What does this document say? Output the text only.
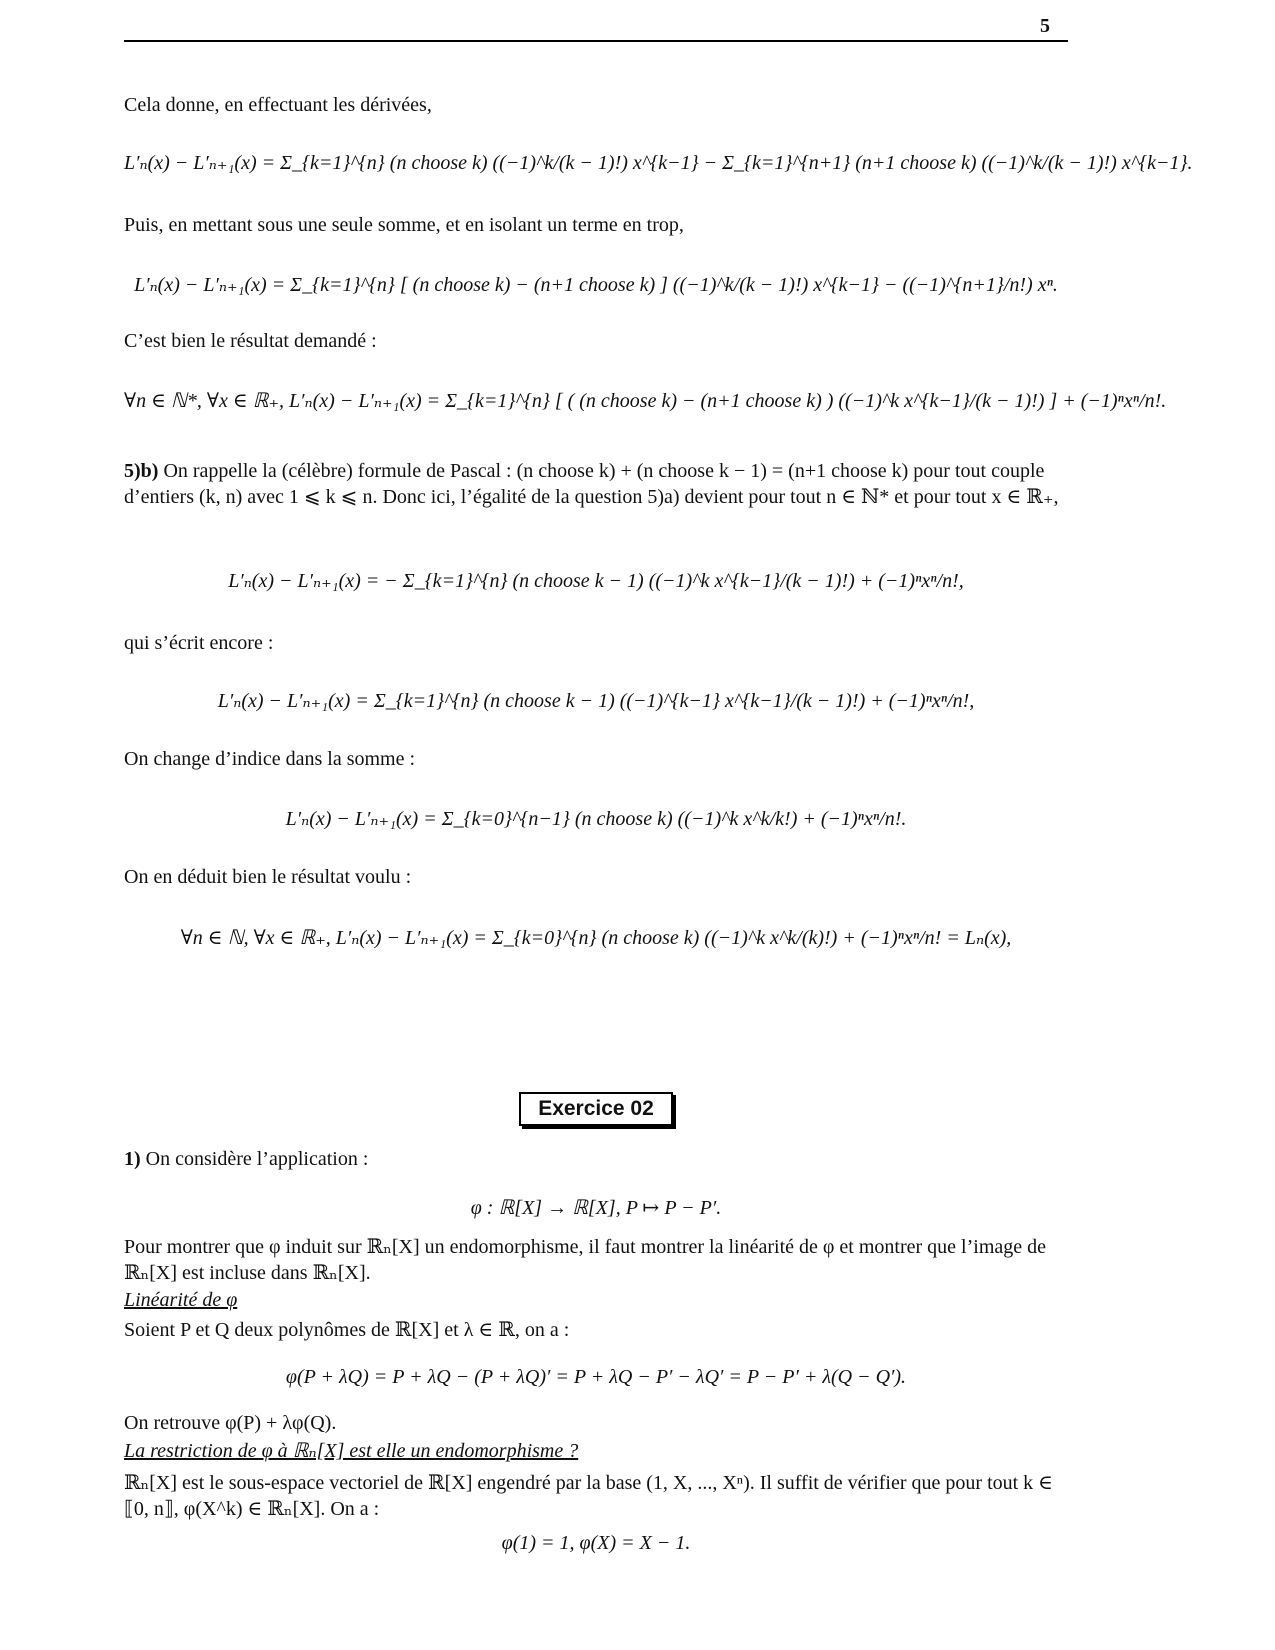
5
Cela donne, en effectuant les dérivées,
L′ₙ(x) − L′ₙ₊₁(x) = Σ_{k=1}^{n} (n choose k) ((−1)^k/(k − 1)!) x^{k−1} − Σ_{k=1}^{n+1} (n+1 choose k) ((−1)^k/(k − 1)!) x^{k−1}.
Puis, en mettant sous une seule somme, et en isolant un terme en trop,
L′ₙ(x) − L′ₙ₊₁(x) = Σ_{k=1}^{n} [ (n choose k) − (n+1 choose k) ] ((−1)^k/(k − 1)!) x^{k−1} − ((−1)^{n+1}/n!) xⁿ.
C’est bien le résultat demandé :
∀n ∈ ℕ*, ∀x ∈ ℝ₊, L′ₙ(x) − L′ₙ₊₁(x) = Σ_{k=1}^{n} [ ( (n choose k) − (n+1 choose k) ) ((−1)^k x^{k−1}/(k − 1)!) ] + (−1)ⁿxⁿ/n!.
5)b) On rappelle la (célèbre) formule de Pascal : (n choose k) + (n choose k − 1) = (n+1 choose k) pour tout couple d’entiers (k, n) avec 1 ⩽ k ⩽ n. Donc ici, l’égalité de la question 5)a) devient pour tout n ∈ ℕ* et pour tout x ∈ ℝ₊,
L′ₙ(x) − L′ₙ₊₁(x) = − Σ_{k=1}^{n} (n choose k − 1) ((−1)^k x^{k−1}/(k − 1)!) + (−1)ⁿxⁿ/n!,
qui s’écrit encore :
L′ₙ(x) − L′ₙ₊₁(x) = Σ_{k=1}^{n} (n choose k − 1) ((−1)^{k−1} x^{k−1}/(k − 1)!) + (−1)ⁿxⁿ/n!,
On change d’indice dans la somme :
L′ₙ(x) − L′ₙ₊₁(x) = Σ_{k=0}^{n−1} (n choose k) ((−1)^k x^k/k!) + (−1)ⁿxⁿ/n!.
On en déduit bien le résultat voulu :
∀n ∈ ℕ, ∀x ∈ ℝ₊, L′ₙ(x) − L′ₙ₊₁(x) = Σ_{k=0}^{n} (n choose k) ((−1)^k x^k/(k)!) + (−1)ⁿxⁿ/n! = Lₙ(x),
Exercice 02
1) On considère l’application :
φ : ℝ[X] → ℝ[X], P ↦ P − P′.
Pour montrer que φ induit sur ℝₙ[X] un endomorphisme, il faut montrer la linéarité de φ et montrer que l’image de ℝₙ[X] est incluse dans ℝₙ[X].
Linéarité de φ
Soient P et Q deux polynômes de ℝ[X] et λ ∈ ℝ, on a :
φ(P + λQ) = P + λQ − (P + λQ)′ = P + λQ − P′ − λQ′ = P − P′ + λ(Q − Q′).
On retrouve φ(P) + λφ(Q).
La restriction de φ à ℝₙ[X] est elle un endomorphisme ?
ℝₙ[X] est le sous-espace vectoriel de ℝ[X] engendré par la base (1, X, ..., Xⁿ). Il suffit de vérifier que pour tout k ∈ ⟦0, n⟧, φ(X^k) ∈ ℝₙ[X]. On a :
φ(1) = 1, φ(X) = X − 1.
